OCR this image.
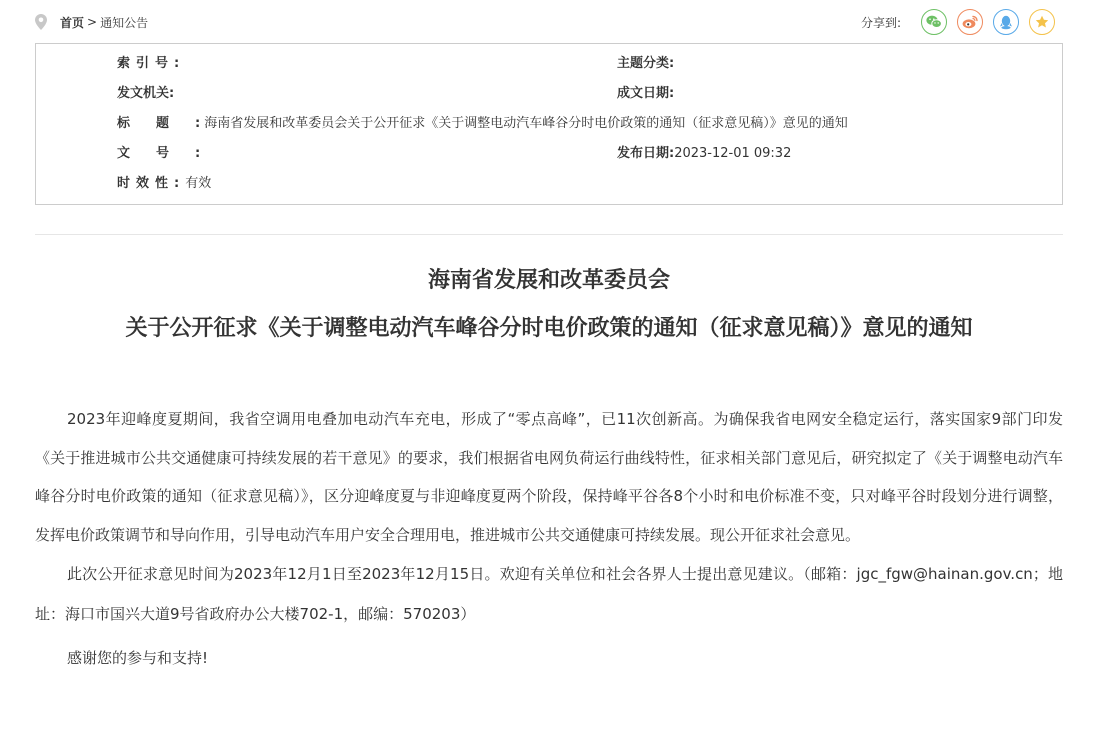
首页 > 通知公告	分享到:
索引号:	主题分类:
发文机关:	成文日期:
标题:海南省发展和改革委员会关于公开征求《关于调整电动汽车峰谷分时电价政策的通知（征求意见稿）》意见的通知
文号:	发布日期:2023-12-01 09:32
时效性:有效
海南省发展和改革委员会
关于公开征求《关于调整电动汽车峰谷分时电价政策的通知（征求意见稿）》意见的通知

2023年迎峰度夏期间，我省空调用电叠加电动汽车充电，形成了“零点高峰”，已11次创新高。为确保我省电网安全稳定运行，落实国家9部门印发《关于推进城市公共交通健康可持续发展的若干意见》的要求，我们根据省电网负荷运行曲线特性，征求相关部门意见后，研究拟定了《关于调整电动汽车峰谷分时电价政策的通知（征求意见稿）》，区分迎峰度夏与非迎峰度夏两个阶段，保持峰平谷各8个小时和电价标准不变，只对峰平谷时段划分进行调整，发挥电价政策调节和导向作用，引导电动汽车用户安全合理用电，推进城市公共交通健康可持续发展。现公开征求社会意见。

此次公开征求意见时间为2023年12月1日至2023年12月15日。欢迎有关单位和社会各界人士提出意见建议。（邮箱：jgc_fgw@hainan.gov.cn；地址：海口市国兴大道9号省政府办公大楼702-1，邮编：570203）

感谢您的参与和支持!
